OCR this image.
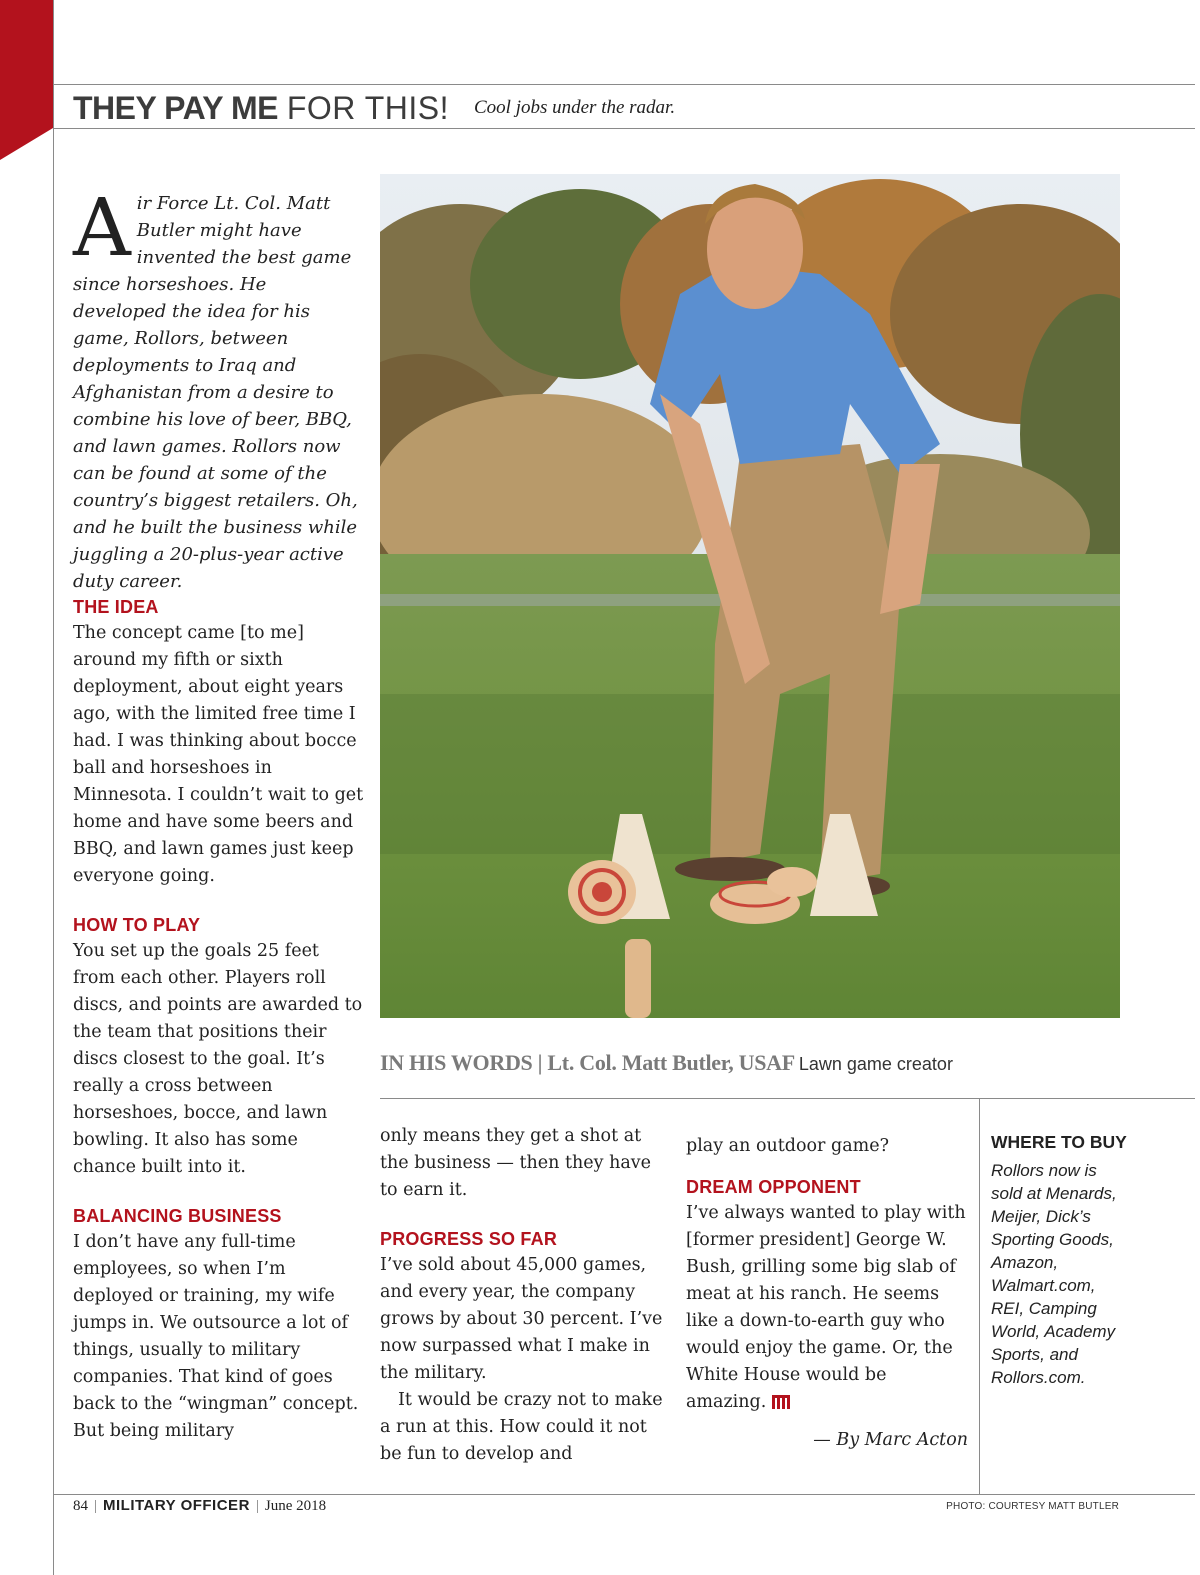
THEY PAY ME FOR THIS! Cool jobs under the radar.
Air Force Lt. Col. Matt Butler might have invented the best game since horseshoes. He developed the idea for his game, Rollors, between deployments to Iraq and Afghanistan from a desire to combine his love of beer, BBQ, and lawn games. Rollors now can be found at some of the country’s biggest retailers. Oh, and he built the business while juggling a 20-plus-year active duty career.
THE IDEA

The concept came [to me] around my fifth or sixth deployment, about eight years ago, with the limited free time I had. I was thinking about bocce ball and horseshoes in Minnesota. I couldn’t wait to get home and have some beers and BBQ, and lawn games just keep everyone going.

HOW TO PLAY

You set up the goals 25 feet from each other. Players roll discs, and points are awarded to the team that positions their discs closest to the goal. It’s really a cross between horseshoes, bocce, and lawn bowling. It also has some chance built into it.

BALANCING BUSINESS

I don’t have any full-time employees, so when I’m deployed or training, my wife jumps in. We outsource a lot of things, usually to military companies. That kind of goes back to the “wingman” concept. But being military

IN HIS WORDS | Lt. Col. Matt Butler, USAF Lawn game creator

only means they get a shot at the business — then they have to earn it.

PROGRESS SO FAR

I’ve sold about 45,000 games, and every year, the company grows by about 30 percent. I’ve now surpassed what I make in the military.

It would be crazy not to make a run at this. How could it not be fun to develop and

play an outdoor game?

DREAM OPPONENT

I’ve always wanted to play with [former president] George W. Bush, grilling some big slab of meat at his ranch. He seems like a down-to-earth guy who would enjoy the game. Or, the White House would be amazing.

— By Marc Acton
WHERE TO BUY
Rollors now is sold at Menards, Meijer, Dick’s Sporting Goods, Amazon, Walmart.com, REI, Camping World, Academy Sports, and Rollors.com.
84 | MILITARY OFFICER | June 2018	PHOTO: COURTESY MATT BUTLER
